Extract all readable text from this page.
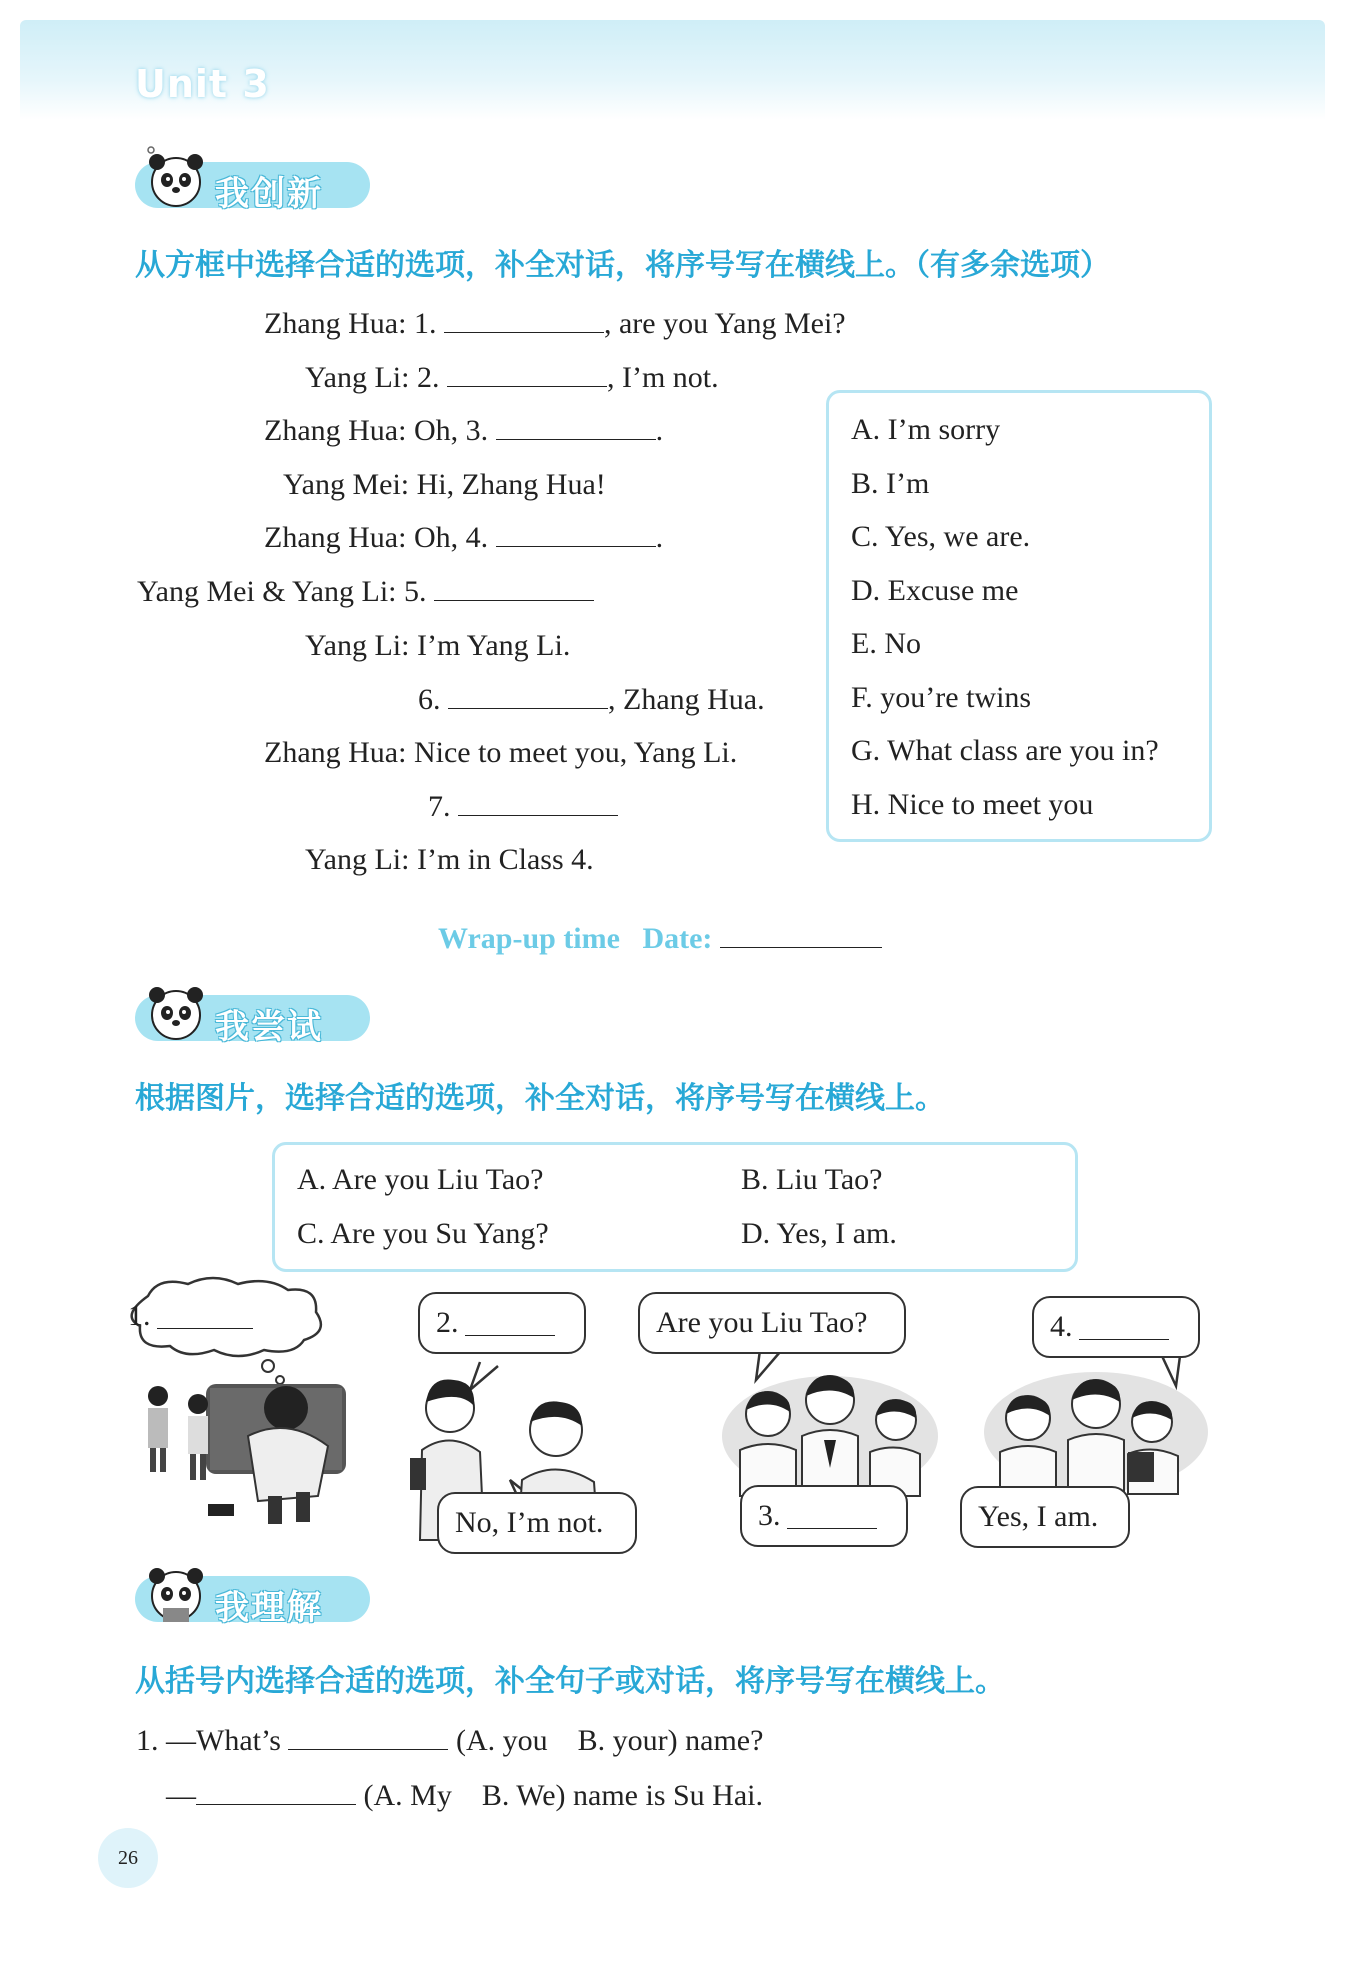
Unit 3
我创新
从方框中选择合适的选项，补全对话，将序号写在横线上。（有多余选项）
Zhang Hua: 1.	, are you Yang Mei?
Yang Li: 2.	, I’m not.
Zhang Hua: Oh, 3.	.
Yang Mei: Hi, Zhang Hua!
Zhang Hua: Oh, 4.	.
Yang Mei & Yang Li: 5.
Yang Li: I’m Yang Li.
6.	, Zhang Hua.
Zhang Hua: Nice to meet you, Yang Li.
7.
Yang Li: I’m in Class 4.
A. I’m sorry
B. I’m
C. Yes, we are.
D. Excuse me
E. No
F. you’re twins
G. What class are you in?
H. Nice to meet you
Wrap-up time Date:
我尝试
根据图片，选择合适的选项，补全对话，将序号写在横线上。
A. Are you Liu Tao?	B. Liu Tao?
C. Are you Su Yang?	D. Yes, I am.
1.	2.
No, I’m not.
Are you Liu Tao?
3.
4.
Yes, I am.
我理解
从括号内选择合适的选项，补全句子或对话，将序号写在横线上。
1. —What’s	(A. you    B. your) name?
—	(A. My    B. We) name is Su Hai.
26
